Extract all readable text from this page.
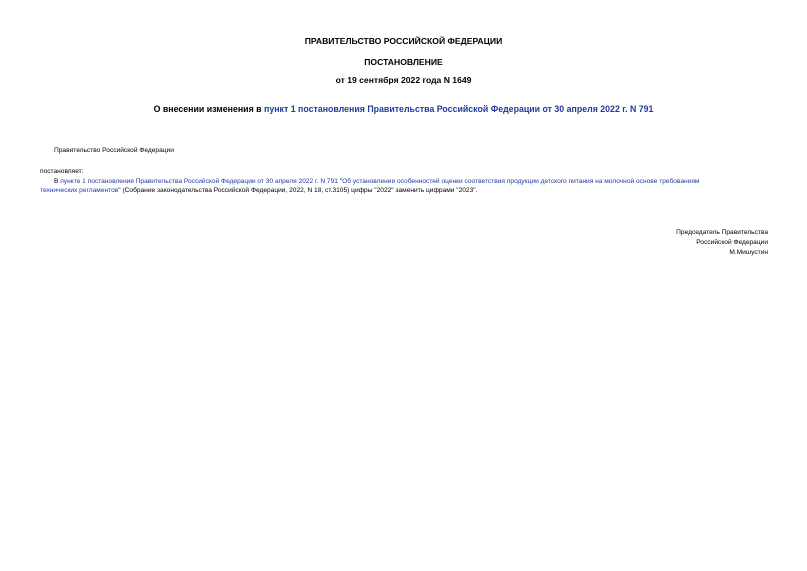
ПРАВИТЕЛЬСТВО РОССИЙСКОЙ ФЕДЕРАЦИИ
ПОСТАНОВЛЕНИЕ
от 19 сентября 2022 года N 1649
О внесении изменения в пункт 1 постановления Правительства Российской Федерации от 30 апреля 2022 г. N 791
Правительство Российской Федерации
постановляет:
В пункте 1 постановления Правительства Российской Федерации от 30 апреля 2022 г. N 791 "Об установлении особенностей оценки соответствия продукции детского питания на молочной основе требованиям
технических регламентов" (Собрание законодательства Российской Федерации, 2022, N 18, ст.3105) цифры "2022" заменить цифрами "2023".
Председатель Правительства
Российской Федерации
М.Мишустин
